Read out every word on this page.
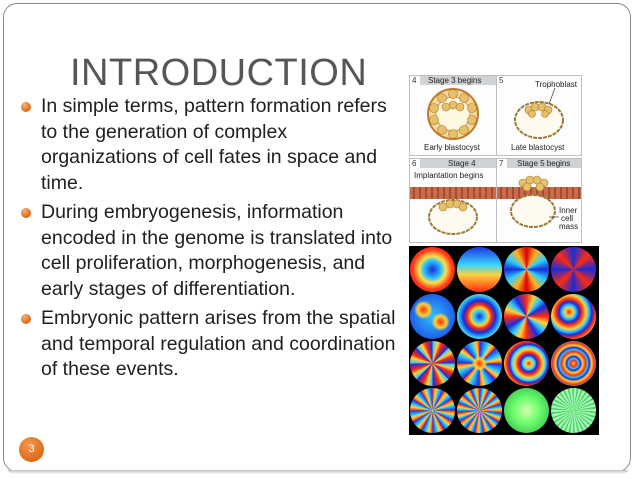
INTRODUCTION
In simple terms, pattern formation refers to the generation of complex organizations of cell fates in space and time.
During embryogenesis, information encoded in the genome is translated into cell proliferation, morphogenesis, and early stages of differentiation.
Embryonic pattern arises from the spatial and temporal regulation and coordination of these events.
3
4 Stage 3 begins
Early blastocyst
5	Trophoblast
Late blastocyst
6	Stage 4
Implantation begins
7 Stage 5 begins
Inner
cell
mass
